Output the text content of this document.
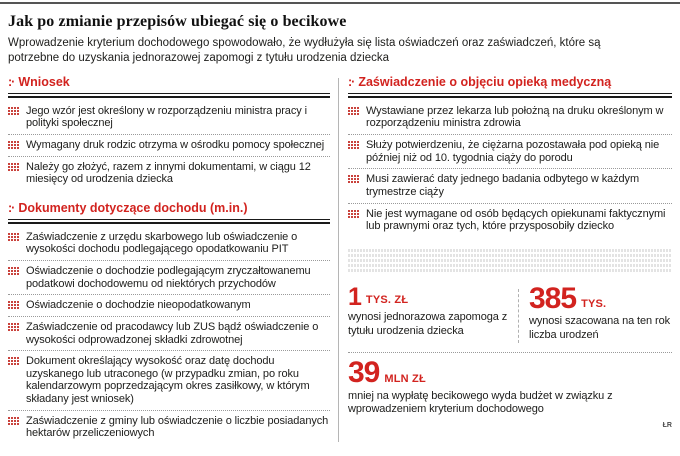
Jak po zmianie przepisów ubiegać się o becikowe

Wprowadzenie kryterium dochodowego spowodowało, że wydłużyła się lista oświadczeń oraz zaświadczeń, które są potrzebne do uzyskania jednorazowej zapomogi z tytułu urodzenia dziecka

:· Wniosek
Jego wzór jest określony w rozporządzeniu ministra pracy i polityki społecznej
Wymagany druk rodzic otrzyma w ośrodku pomocy społecznej
Należy go złożyć, razem z innymi dokumentami, w ciągu 12 miesięcy od urodzenia dziecka
:· Dokumenty dotyczące dochodu (m.in.)
Zaświadczenie z urzędu skarbowego lub oświadczenie o wysokości dochodu podlegającego opodatkowaniu PIT
Oświadczenie o dochodzie podlegającym zryczałtowanemu podatkowi dochodowemu od niektórych przychodów
Oświadczenie o dochodzie nieopodatkowanym
Zaświadczenie od pracodawcy lub ZUS bądź oświadczenie o wysokości odprowadzonej składki zdrowotnej
Dokument określający wysokość oraz datę dochodu uzyskanego lub utraconego (w przypadku zmian, po roku kalendarzowym poprzedzającym okres zasiłkowy, w którym składany jest wniosek)
Zaświadczenie z gminy lub oświadczenie o liczbie posiadanych hektarów przeliczeniowych
:· Zaświadczenie o objęciu opieką medyczną
Wystawiane przez lekarza lub położną na druku określonym w rozporządzeniu ministra zdrowia
Służy potwierdzeniu, że ciężarna pozostawała pod opieką nie później niż od 10. tygodnia ciąży do porodu
Musi zawierać daty jednego badania odbytego w każdym trymestrze ciąży
Nie jest wymagane od osób będących opiekunami faktycznymi lub prawnymi oraz tych, które przysposobiły dziecko
1 TYS. ZŁ
wynosi jednorazowa zapomoga z tytułu urodzenia dziecka
385 TYS.
wynosi szacowana na ten rok liczba urodzeń
39 MLN ZŁ
mniej na wypłatę becikowego wyda budżet w związku z wprowadzeniem kryterium dochodowego
ŁR
